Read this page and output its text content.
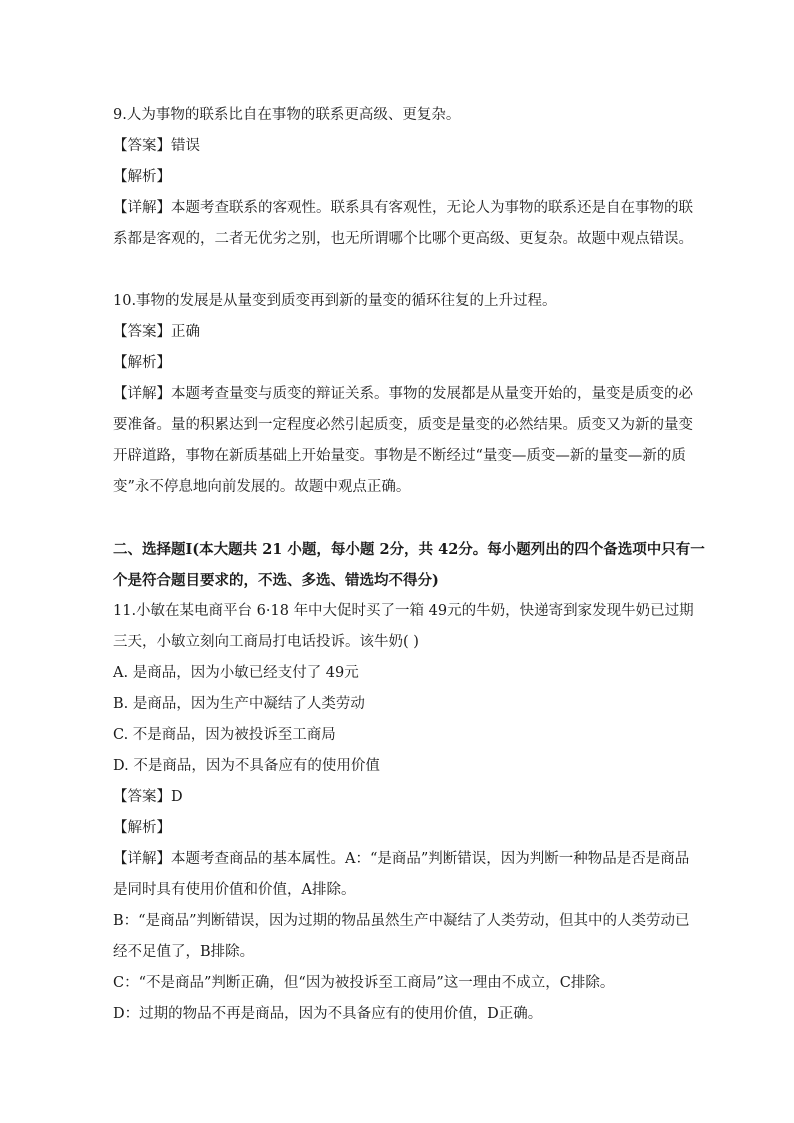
9.人为事物的联系比自在事物的联系更高级、更复杂。

【答案】错误

【解析】

【详解】本题考查联系的客观性。联系具有客观性，无论人为事物的联系还是自在事物的联

系都是客观的，二者无优劣之别，也无所谓哪个比哪个更高级、更复杂。故题中观点错误。

10.事物的发展是从量变到质变再到新的量变的循环往复的上升过程。

【答案】正确

【解析】

【详解】本题考查量变与质变的辩证关系。事物的发展都是从量变开始的，量变是质变的必

要准备。量的积累达到一定程度必然引起质变，质变是量变的必然结果。质变又为新的量变

开辟道路，事物在新质基础上开始量变。事物是不断经过“量变—质变—新的量变—新的质

变”永不停息地向前发展的。故题中观点正确。

二、选择题Ⅰ(本大题共 21 小题，每小题 2分，共 42分。每小题列出的四个备选项中只有一

个是符合题目要求的，不选、多选、错选均不得分)

11.小敏在某电商平台 6·18 年中大促时买了一箱 49元的牛奶，快递寄到家发现牛奶已过期

三天，小敏立刻向工商局打电话投诉。该牛奶( )

A. 是商品，因为小敏已经支付了 49元

B. 是商品，因为生产中凝结了人类劳动

C. 不是商品，因为被投诉至工商局

D. 不是商品，因为不具备应有的使用价值

【答案】D

【解析】

【详解】本题考查商品的基本属性。A：“是商品”判断错误，因为判断一种物品是否是商品

是同时具有使用价值和价值，A排除。

B：“是商品”判断错误，因为过期的物品虽然生产中凝结了人类劳动，但其中的人类劳动已

经不足值了，B排除。

C：“不是商品”判断正确，但“因为被投诉至工商局”这一理由不成立，C排除。

D：过期的物品不再是商品，因为不具备应有的使用价值，D正确。
